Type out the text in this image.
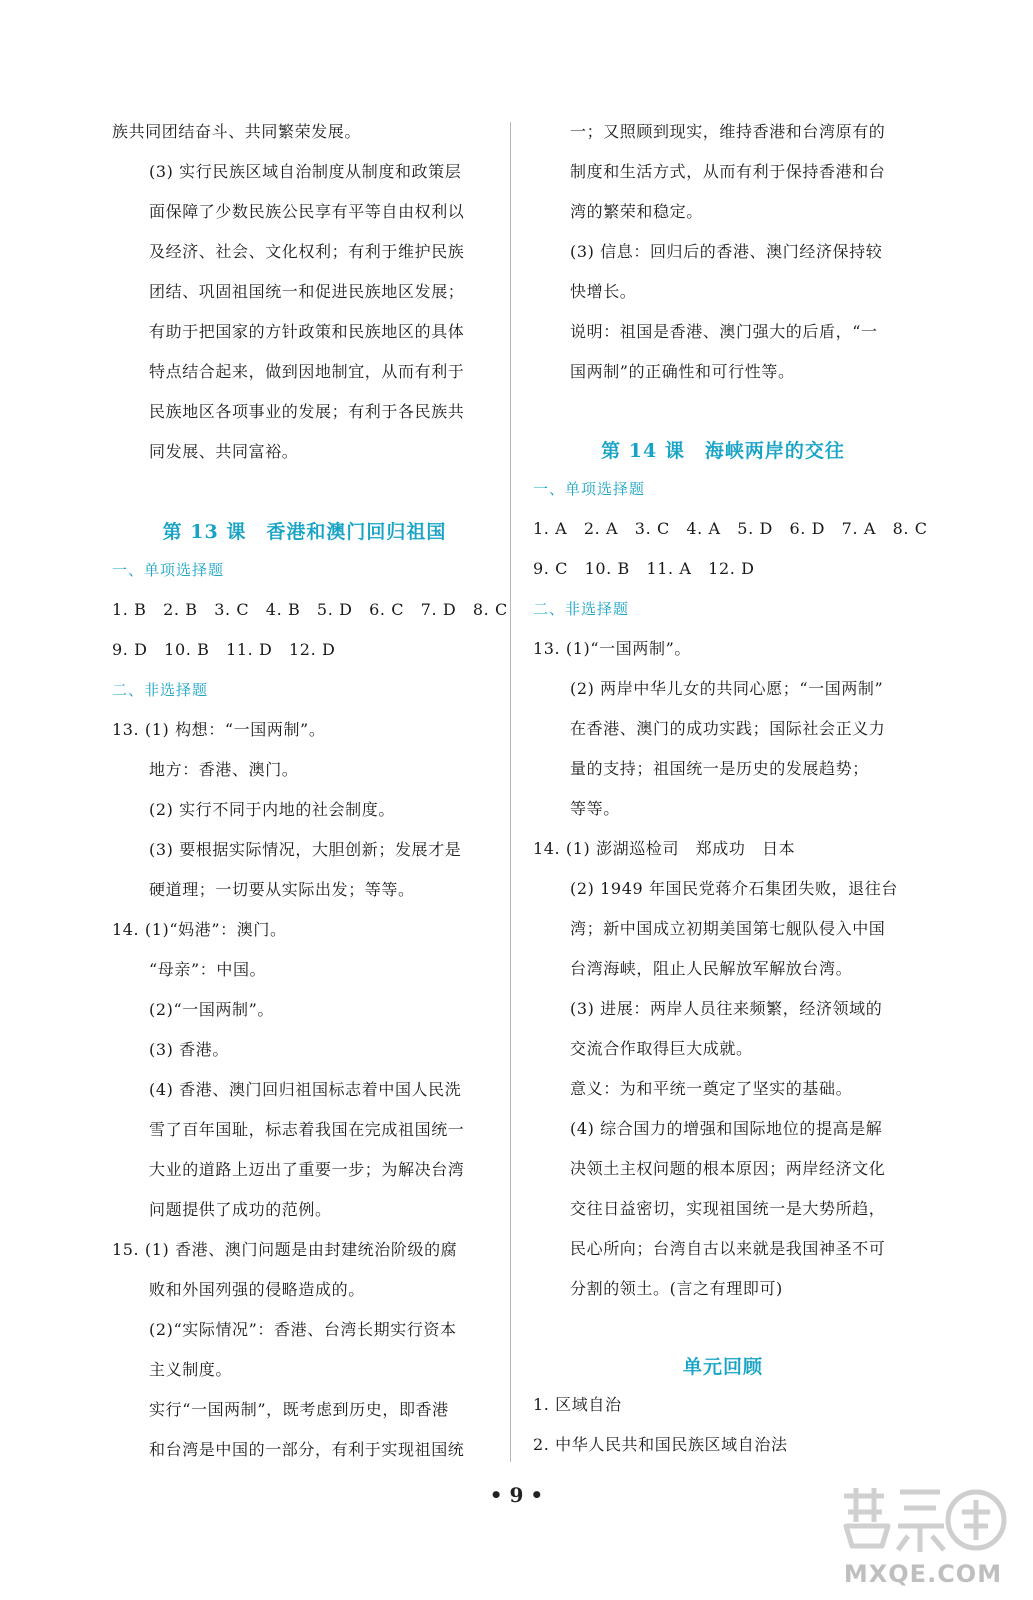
族共同团结奋斗、共同繁荣发展。
(3) 实行民族区域自治制度从制度和政策层
面保障了少数民族公民享有平等自由权利以
及经济、社会、文化权利；有利于维护民族
团结、巩固祖国统一和促进民族地区发展；
有助于把国家的方针政策和民族地区的具体
特点结合起来，做到因地制宜，从而有利于
民族地区各项事业的发展；有利于各民族共
同发展、共同富裕。
第 13 课　香港和澳门回归祖国
一、单项选择题
1. B　2. B　3. C　4. B　5. D　6. C　7. D　8. C
9. D　10. B　11. D　12. D
二、非选择题
13. (1) 构想：“一国两制”。
地方：香港、澳门。
(2) 实行不同于内地的社会制度。
(3) 要根据实际情况，大胆创新；发展才是
硬道理；一切要从实际出发；等等。
14. (1)“妈港”：澳门。
“母亲”：中国。
(2)“一国两制”。
(3) 香港。
(4) 香港、澳门回归祖国标志着中国人民洗
雪了百年国耻，标志着我国在完成祖国统一
大业的道路上迈出了重要一步；为解决台湾
问题提供了成功的范例。
15. (1) 香港、澳门问题是由封建统治阶级的腐
败和外国列强的侵略造成的。
(2)“实际情况”：香港、台湾长期实行资本
主义制度。
实行“一国两制”，既考虑到历史，即香港
和台湾是中国的一部分，有利于实现祖国统
一；又照顾到现实，维持香港和台湾原有的
制度和生活方式，从而有利于保持香港和台
湾的繁荣和稳定。
(3) 信息：回归后的香港、澳门经济保持较
快增长。
说明：祖国是香港、澳门强大的后盾，“一
国两制”的正确性和可行性等。
第 14 课　海峡两岸的交往
一、单项选择题
1. A　2. A　3. C　4. A　5. D　6. D　7. A　8. C
9. C　10. B　11. A　12. D
二、非选择题
13. (1)“一国两制”。
(2) 两岸中华儿女的共同心愿；“一国两制”
在香港、澳门的成功实践；国际社会正义力
量的支持；祖国统一是历史的发展趋势；
等等。
14. (1) 澎湖巡检司　郑成功　日本
(2) 1949 年国民党蒋介石集团失败，退往台
湾；新中国成立初期美国第七舰队侵入中国
台湾海峡，阻止人民解放军解放台湾。
(3) 进展：两岸人员往来频繁，经济领域的
交流合作取得巨大成就。
意义：为和平统一奠定了坚实的基础。
(4) 综合国力的增强和国际地位的提高是解
决领土主权问题的根本原因；两岸经济文化
交往日益密切，实现祖国统一是大势所趋，
民心所向；台湾自古以来就是我国神圣不可
分割的领土。(言之有理即可)
单元回顾
1. 区域自治
2. 中华人民共和国民族区域自治法
• 9 •
MXQE.COM
